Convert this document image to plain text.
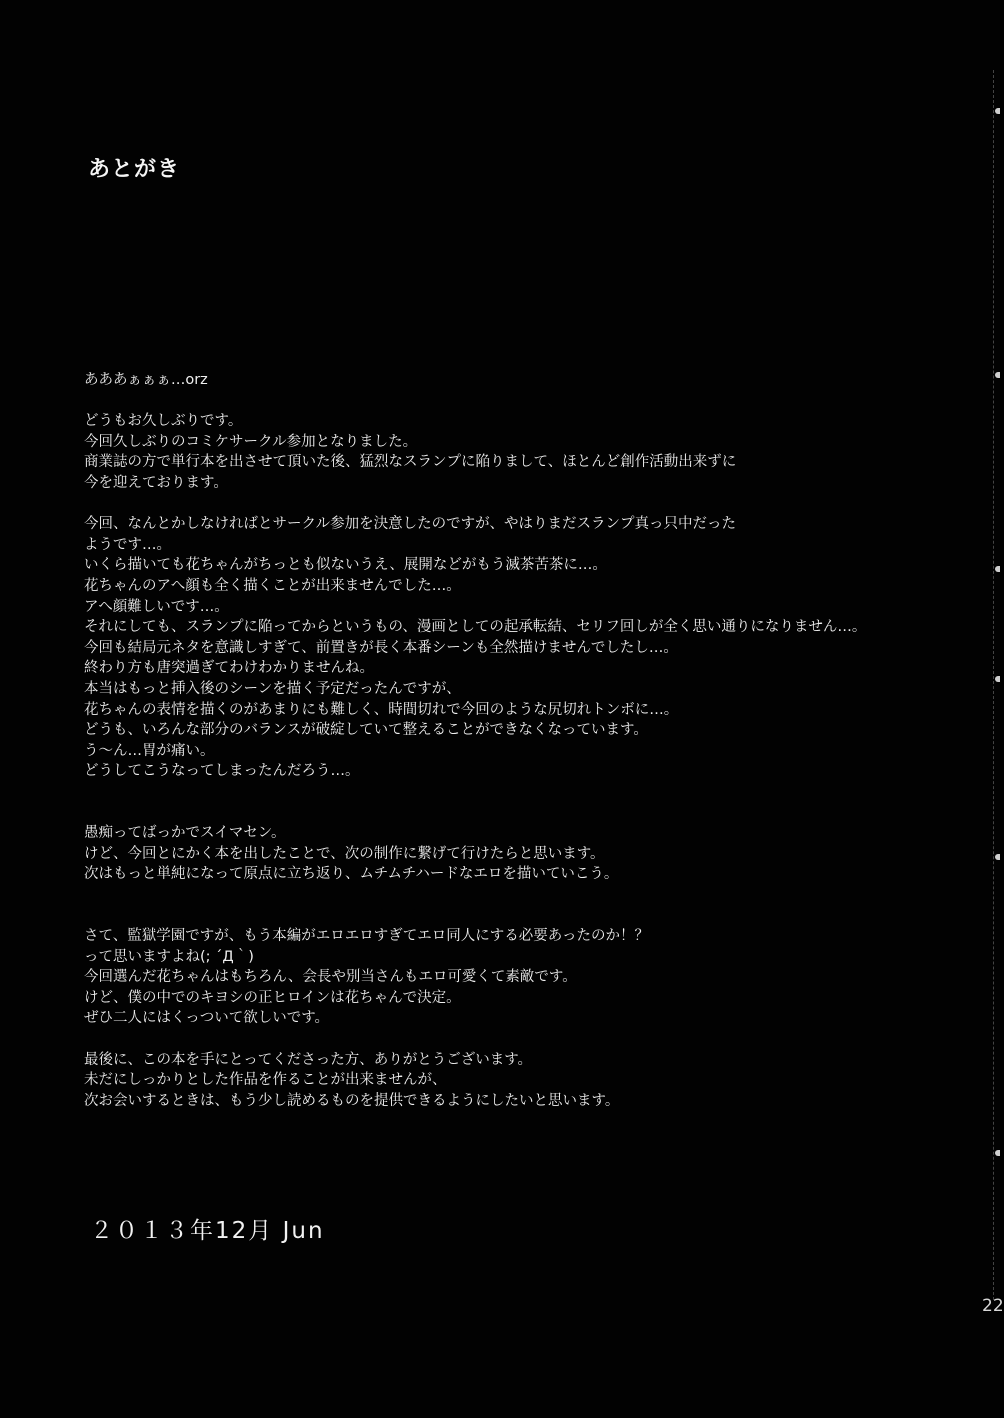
あとがき
あああぁぁぁ…orz
どうもお久しぶりです。
今回久しぶりのコミケサークル参加となりました。
商業誌の方で単行本を出させて頂いた後、猛烈なスランプに陥りまして、ほとんど創作活動出来ずに
今を迎えております。
今回、なんとかしなければとサークル参加を決意したのですが、やはりまだスランプ真っ只中だった
ようです…。
いくら描いても花ちゃんがちっとも似ないうえ、展開などがもう滅茶苦茶に…。
花ちゃんのアへ顔も全く描くことが出来ませんでした…。
アへ顔難しいです…。
それにしても、スランプに陥ってからというもの、漫画としての起承転結、セリフ回しが全く思い通りになりません…。
今回も結局元ネタを意識しすぎて、前置きが長く本番シーンも全然描けませんでしたし…。
終わり方も唐突過ぎてわけわかりませんね。
本当はもっと挿入後のシーンを描く予定だったんですが、
花ちゃんの表情を描くのがあまりにも難しく、時間切れで今回のような尻切れトンボに…。
どうも、いろんな部分のバランスが破綻していて整えることができなくなっています。
う～ん…胃が痛い。
どうしてこうなってしまったんだろう…。
愚痴ってばっかでスイマセン。
けど、今回とにかく本を出したことで、次の制作に繋げて行けたらと思います。
次はもっと単純になって原点に立ち返り、ムチムチハードなエロを描いていこう。
さて、監獄学園ですが、もう本編がエロエロすぎてエロ同人にする必要あったのか！？
って思いますよね(; ´Д｀)
今回選んだ花ちゃんはもちろん、会長や別当さんもエロ可愛くて素敵です。
けど、僕の中でのキヨシの正ヒロインは花ちゃんで決定。
ぜひ二人にはくっついて欲しいです。
最後に、この本を手にとってくださった方、ありがとうございます。
未だにしっかりとした作品を作ることが出来ませんが、
次お会いするときは、もう少し読めるものを提供できるようにしたいと思います。
２０１３年12月 Jun
22
